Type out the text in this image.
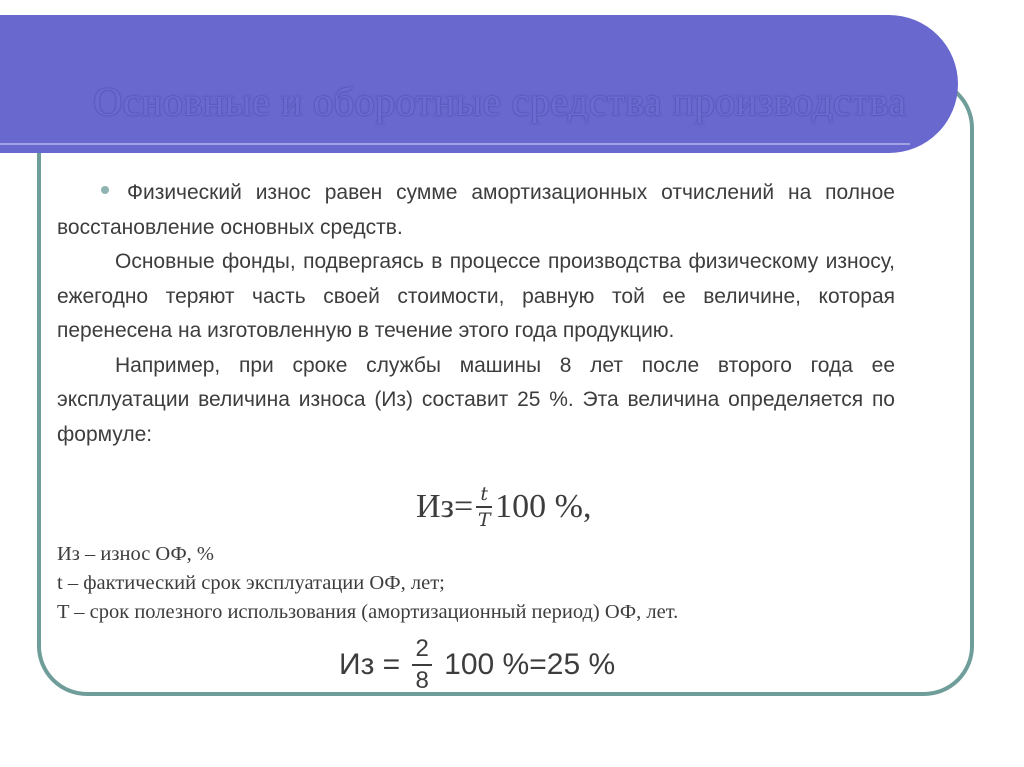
Основные и оборотные средства производства

Физический износ равен сумме амортизационных отчислений на полное восстановление основных средств.

Основные фонды, подвергаясь в процессе производства физическому износу, ежегодно теряют часть своей стоимости, равную той ее величине, которая перенесена на изготовленную в течение этого года продукцию.

Например, при сроке службы машины 8 лет после второго года ее эксплуатации величина износа (Из) составит 25 %. Эта величина определяется по формуле:

$Из= \frac{t}{T} 100$ %,
Из – износ ОФ, %
t – фактический срок эксплуатации ОФ, лет;
T – срок полезного использования (амортизационный период) ОФ, лет.
Из = $\frac{2}{8} 100$ %=25 %
